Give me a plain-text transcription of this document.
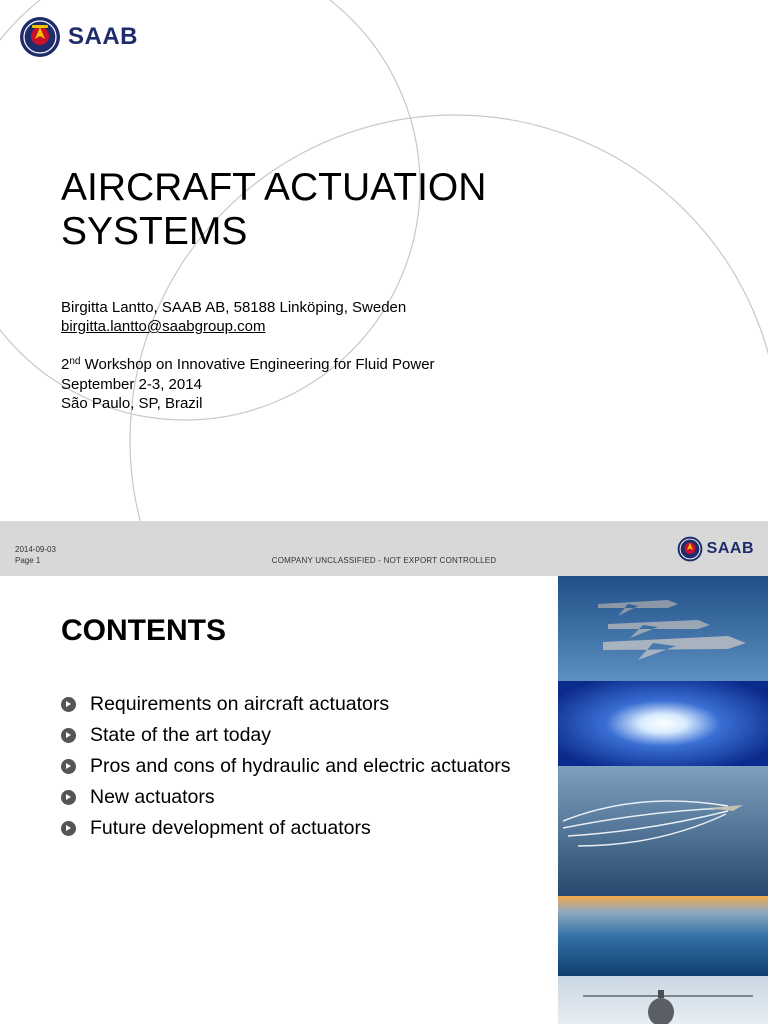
SAAB
AIRCRAFT ACTUATION
SYSTEMS
Birgitta Lantto, SAAB AB, 58188 Linköping, Sweden
birgitta.lantto@saabgroup.com
2nd Workshop on Innovative Engineering for Fluid Power
September 2-3, 2014
São Paulo, SP, Brazil
2014-09-03
Page 1	COMPANY UNCLASSIFIED - NOT EXPORT CONTROLLED
SAAB
CONTENTS
Requirements on aircraft actuators
State of the art today
Pros and cons of hydraulic and electric actuators
New actuators
Future development of actuators
